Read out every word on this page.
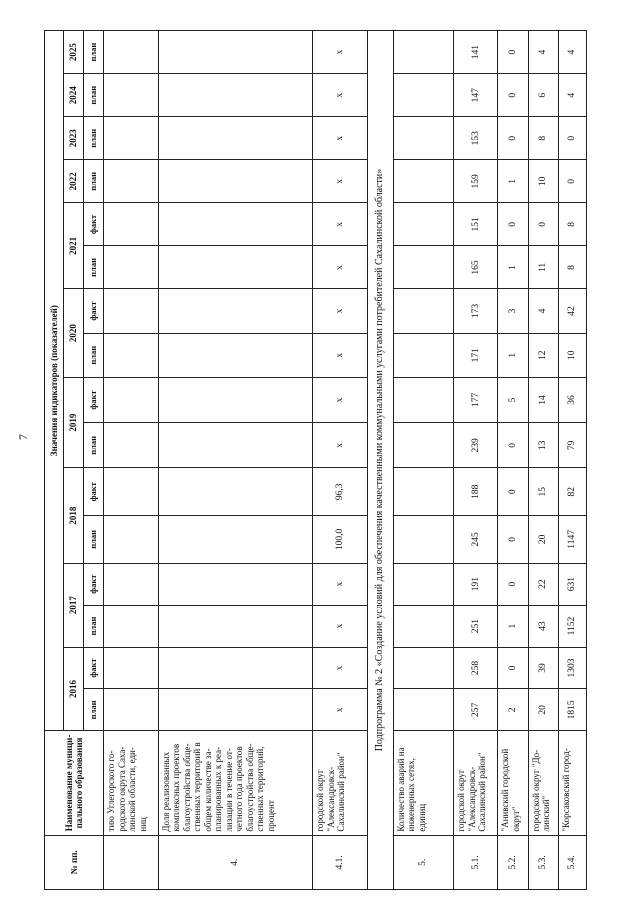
7
№ пп.	Наименование муници-пального образования	Значения индикаторов (показателей)															
		2016		2017		2018		2019		2020		2021		2022	2023	2024	2025
		план	факт	план	факт	план	факт	план	факт	план	факт	план	факт	план	план	план	план
	тию Углегорского го-родского округа Саха-линской области, еди-ниц																
4.	Доля реализованных комплексных проектов благоустройства обще-ственных территорий в общем количестве за-планированных к реа-лизации в течение от-четного года проектов благоустройства обще-ственных территорий, процент																
4.1.	городской округ "Александровск-Сахалинский район"	x	x	x	x	100,0	96,3	x	x	x	x	x	x	x	x	x	x
Подпрограмма № 2 «Создание условий для обеспечения качественными коммунальными услугами потребителей Сахалинской области»																	
5.	Количество аварий на инженерных сетях, единиц																
5.1.	городской округ "Александровск-Сахалинский район"	257	258	251	191	245	188	239	177	171	173	165	151	159	153	147	141
5.2.	"Анивский городской округ"	2	0	1	0	0	0	0	5	1	3	1	0	1	0	0	0
5.3.	городской округ "До-линский"	20	39	43	22	20	15	13	14	12	4	11	0	10	8	6	4
5.4.	"Корсаковский город-	1815	1303	1152	631	1147	82	79	36	10	42	8	8	0	0	4	4
